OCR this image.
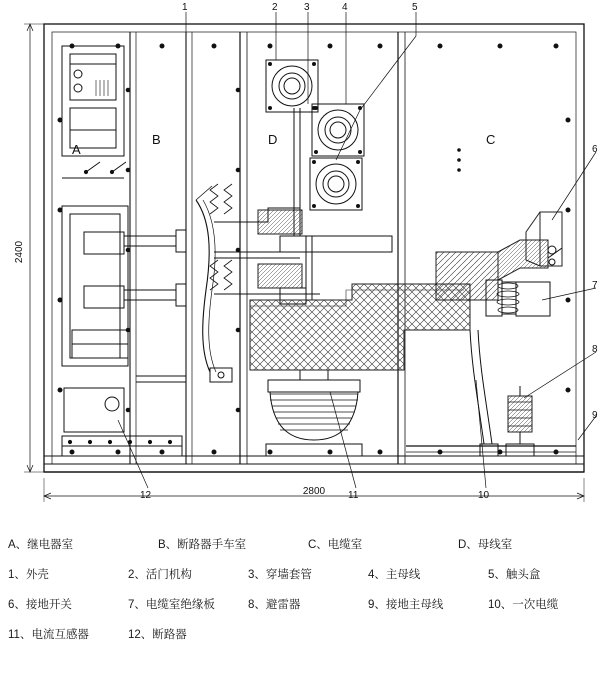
1	2	3	4	5
6
7
8
9
10
11
12
A
B	C
D
2400
2800
A、继电器室	B、断路器手车室	C、电缆室	D、母线室
1、外壳	2、活门机构	3、穿墙套管	4、主母线	5、触头盒
6、接地开关	7、电缆室绝缘板	8、避雷器	9、接地主母线	10、一次电缆
11、电流互感器	12、断路器
